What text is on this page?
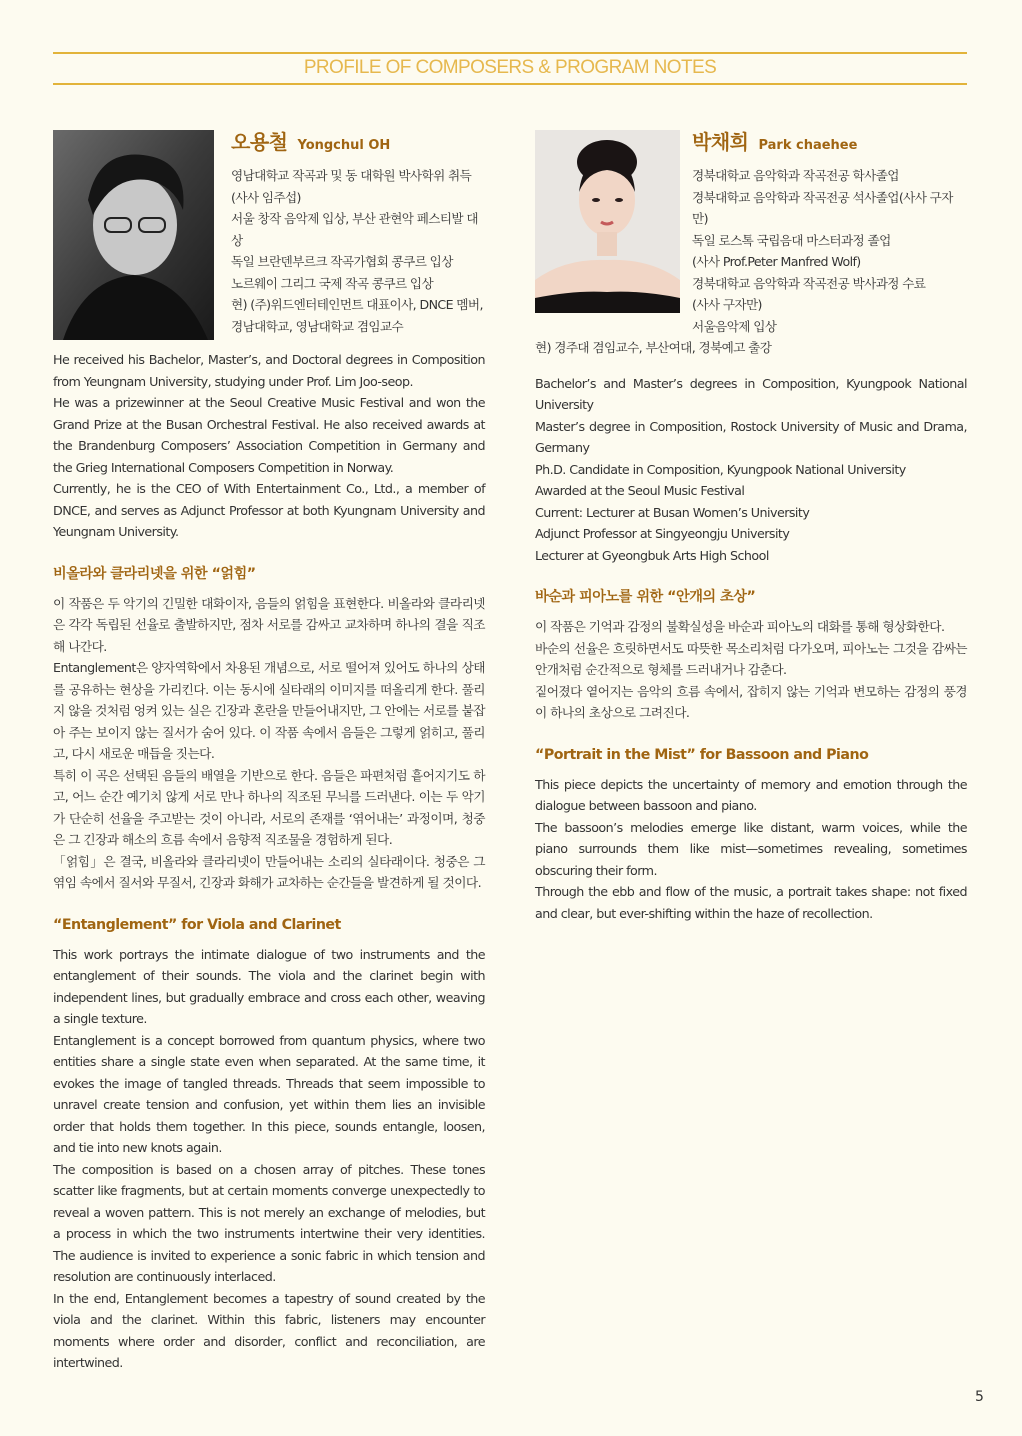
PROFILE OF COMPOSERS & PROGRAM NOTES
오용철 Yongchul OH

영남대학교 작곡과 및 동 대학원 박사학위 취득

(사사 임주섭)

서울 창작 음악제 입상, 부산 관현악 페스티발 대상

독일 브란덴부르크 작곡가협회 콩쿠르 입상

노르웨이 그리그 국제 작곡 콩쿠르 입상

현) (주)위드엔터테인먼트 대표이사, DNCE 멤버,

경남대학교, 영남대학교 겸임교수

He received his Bachelor, Master’s, and Doctoral degrees in Composition from Yeungnam University, studying under Prof. Lim Joo-seop.

He was a prizewinner at the Seoul Creative Music Festival and won the Grand Prize at the Busan Orchestral Festival. He also received awards at the Brandenburg Composers’ Association Competition in Germany and the Grieg International Composers Competition in Norway.

Currently, he is the CEO of With Entertainment Co., Ltd., a member of DNCE, and serves as Adjunct Professor at both Kyungnam University and Yeungnam University.

비올라와 클라리넷을 위한 “얽힘”

이 작품은 두 악기의 긴밀한 대화이자, 음들의 얽힘을 표현한다. 비올라와 클라리넷은 각각 독립된 선율로 출발하지만, 점차 서로를 감싸고 교차하며 하나의 결을 직조해 나간다.

Entanglement은 양자역학에서 차용된 개념으로, 서로 떨어져 있어도 하나의 상태를 공유하는 현상을 가리킨다. 이는 동시에 실타래의 이미지를 떠올리게 한다. 풀리지 않을 것처럼 엉켜 있는 실은 긴장과 혼란을 만들어내지만, 그 안에는 서로를 붙잡아 주는 보이지 않는 질서가 숨어 있다. 이 작품 속에서 음들은 그렇게 얽히고, 풀리고, 다시 새로운 매듭을 짓는다.

특히 이 곡은 선택된 음들의 배열을 기반으로 한다. 음들은 파편처럼 흩어지기도 하고, 어느 순간 예기치 않게 서로 만나 하나의 직조된 무늬를 드러낸다. 이는 두 악기가 단순히 선율을 주고받는 것이 아니라, 서로의 존재를 ‘엮어내는’ 과정이며, 청중은 그 긴장과 해소의 흐름 속에서 음향적 직조물을 경험하게 된다.

「얽힘」은 결국, 비올라와 클라리넷이 만들어내는 소리의 실타래이다. 청중은 그 엮임 속에서 질서와 무질서, 긴장과 화해가 교차하는 순간들을 발견하게 될 것이다.

“Entanglement” for Viola and Clarinet

This work portrays the intimate dialogue of two instruments and the entanglement of their sounds. The viola and the clarinet begin with independent lines, but gradually embrace and cross each other, weaving a single texture.

Entanglement is a concept borrowed from quantum physics, where two entities share a single state even when separated. At the same time, it evokes the image of tangled threads. Threads that seem impossible to unravel create tension and confusion, yet within them lies an invisible order that holds them together. In this piece, sounds entangle, loosen, and tie into new knots again.

The composition is based on a chosen array of pitches. These tones scatter like fragments, but at certain moments converge unexpectedly to reveal a woven pattern. This is not merely an exchange of melodies, but a process in which the two instruments intertwine their very identities. The audience is invited to experience a sonic fabric in which tension and resolution are continuously interlaced.

In the end, Entanglement becomes a tapestry of sound created by the viola and the clarinet. Within this fabric, listeners may encounter moments where order and disorder, conflict and reconciliation, are intertwined.

박채희 Park chaehee

경북대학교 음악학과 작곡전공 학사졸업

경북대학교 음악학과 작곡전공 석사졸업(사사 구자만)

독일 로스톡 국립음대 마스터과정 졸업

(사사 Prof.Peter Manfred Wolf)

경북대학교 음악학과 작곡전공 박사과정 수료

(사사 구자만)

서울음악제 입상

현) 경주대 겸임교수, 부산여대, 경북예고 출강

Bachelor’s and Master’s degrees in Composition, Kyungpook National University

Master’s degree in Composition, Rostock University of Music and Drama, Germany

Ph.D. Candidate in Composition, Kyungpook National University

Awarded at the Seoul Music Festival

Current: Lecturer at Busan Women’s University

Adjunct Professor at Singyeongju University

Lecturer at Gyeongbuk Arts High School

바순과 피아노를 위한 “안개의 초상”

이 작품은 기억과 감정의 불확실성을 바순과 피아노의 대화를 통해 형상화한다.

바순의 선율은 흐릿하면서도 따뜻한 목소리처럼 다가오며, 피아노는 그것을 감싸는 안개처럼 순간적으로 형체를 드러내거나 감춘다.

짙어졌다 옅어지는 음악의 흐름 속에서, 잡히지 않는 기억과 변모하는 감정의 풍경이 하나의 초상으로 그려진다.

“Portrait in the Mist” for Bassoon and Piano

This piece depicts the uncertainty of memory and emotion through the dialogue between bassoon and piano.

The bassoon’s melodies emerge like distant, warm voices, while the piano surrounds them like mist—sometimes revealing, sometimes obscuring their form.

Through the ebb and flow of the music, a portrait takes shape: not fixed and clear, but ever-shifting within the haze of recollection.

5
